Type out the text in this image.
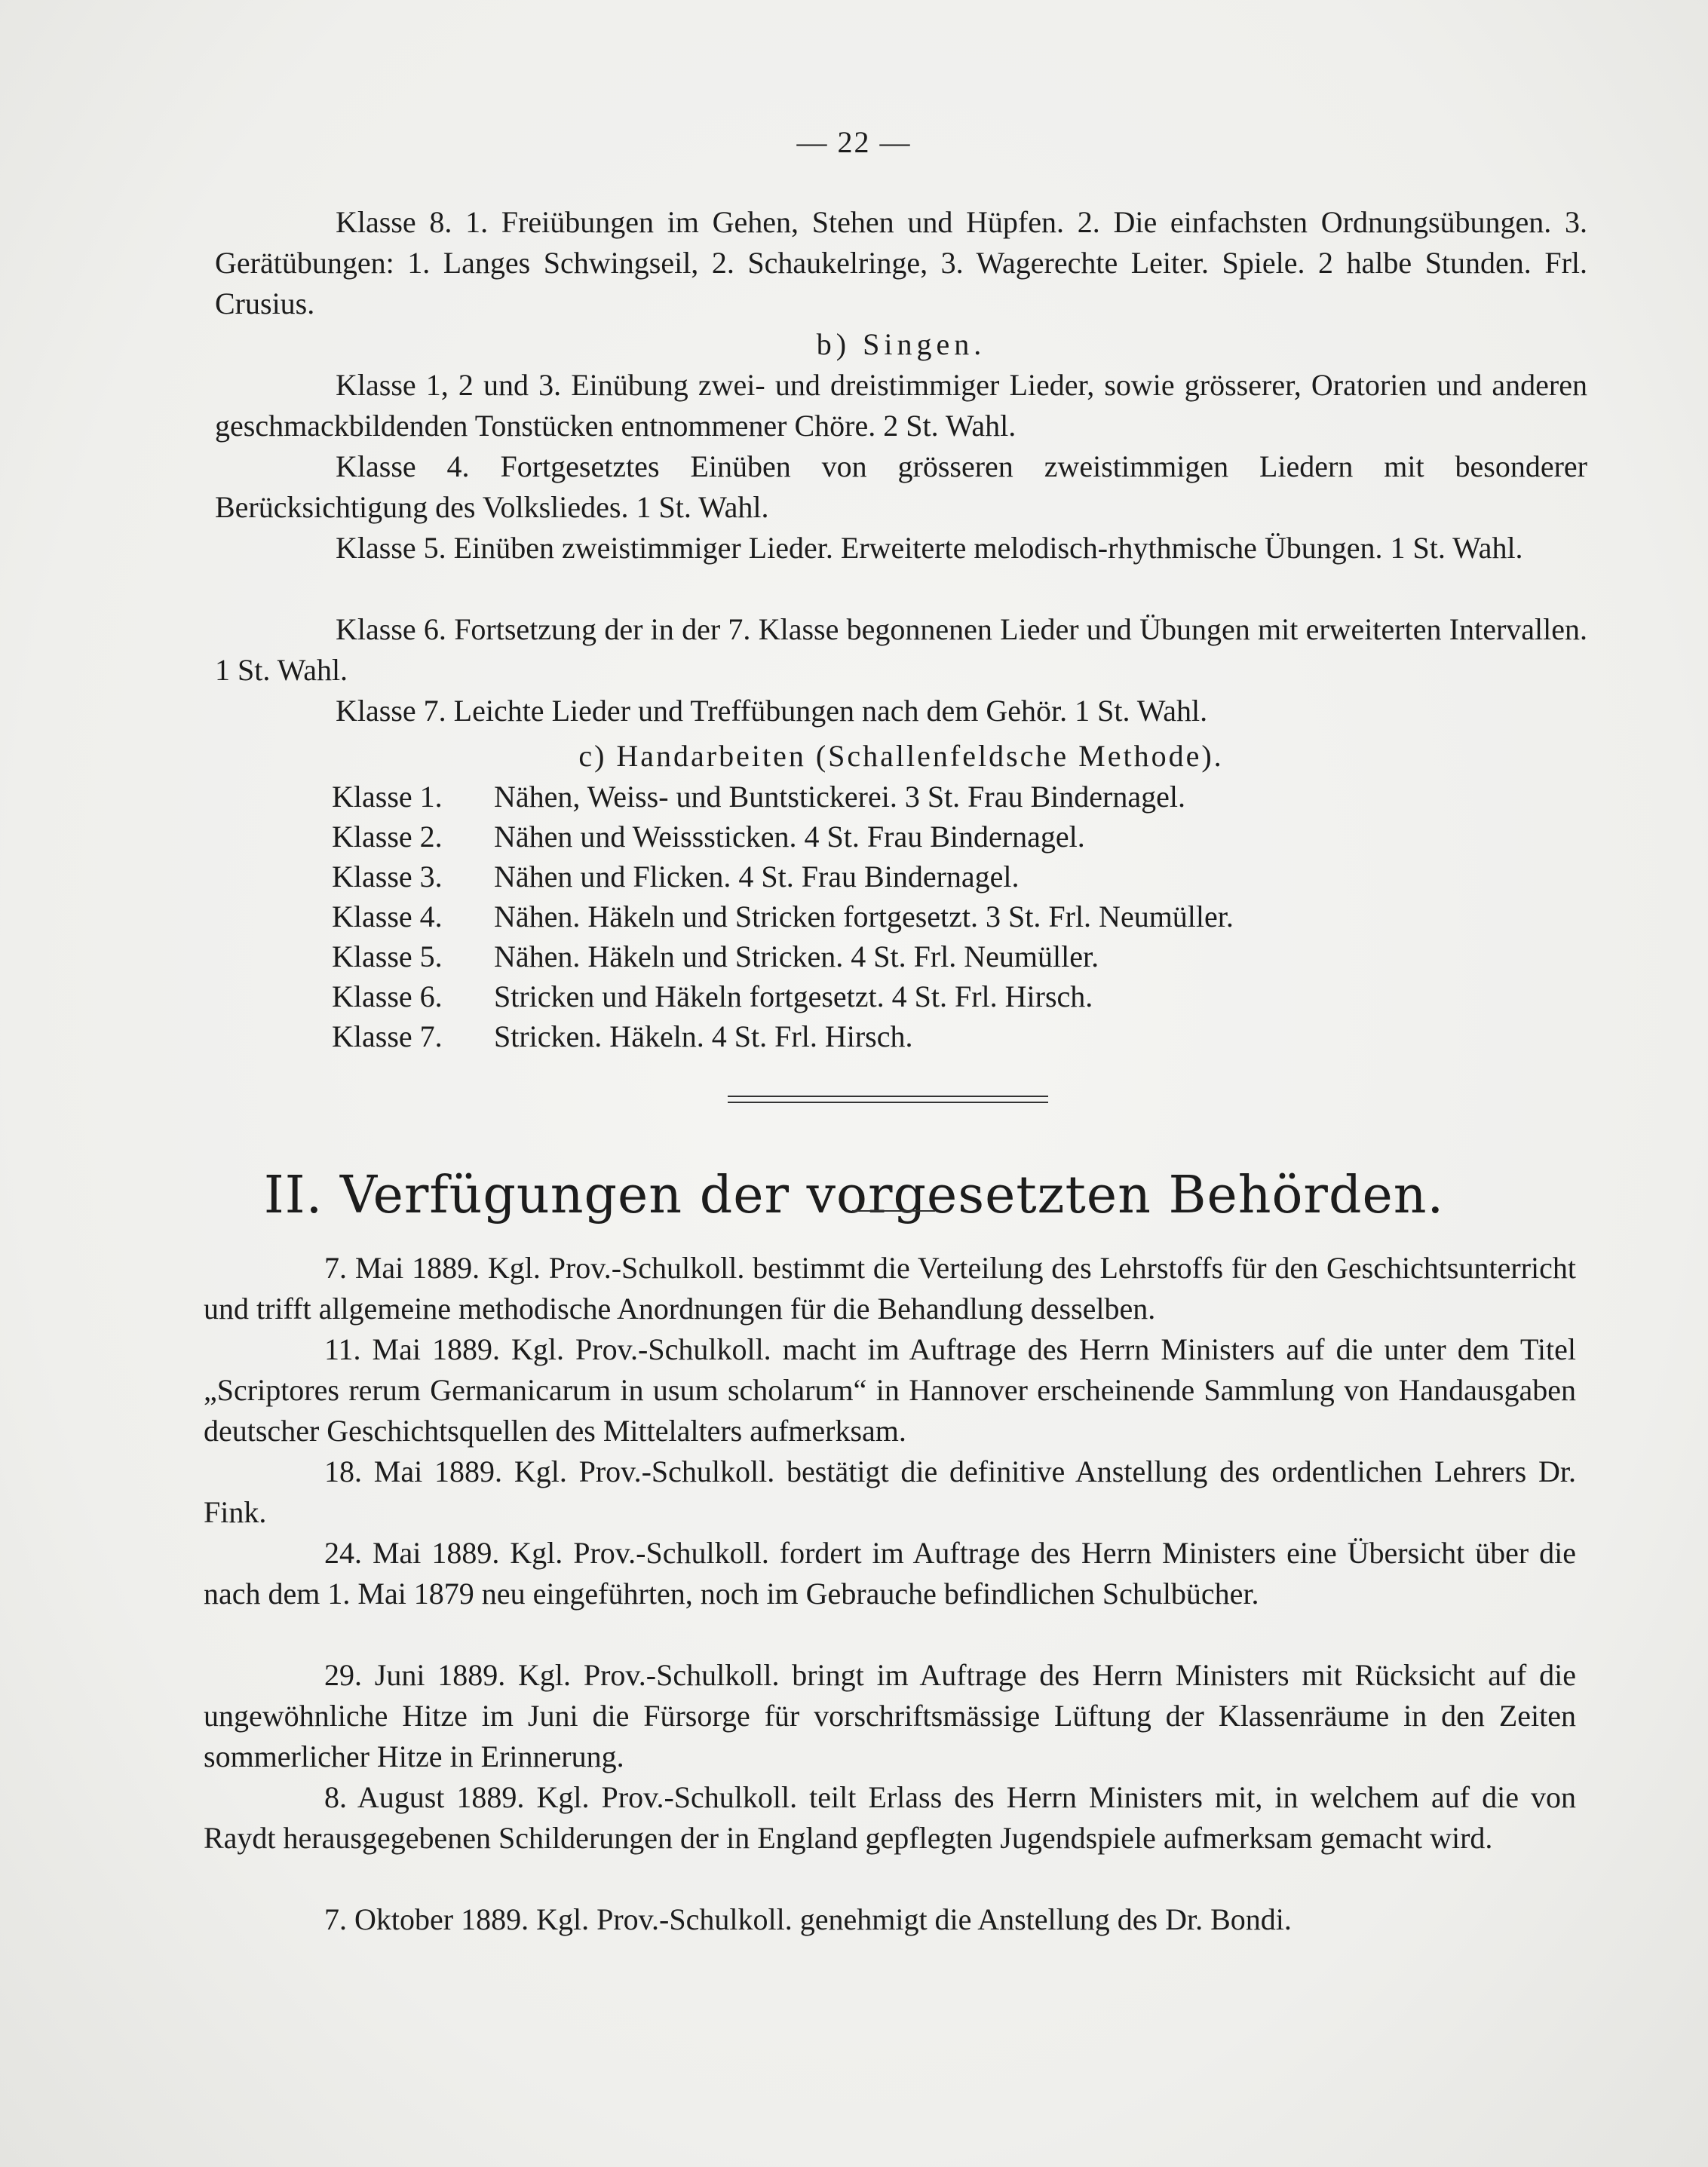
— 22 —

Klasse 8. 1. Freiübungen im Gehen, Stehen und Hüpfen. 2. Die einfachsten Ordnungsübungen. 3. Gerätübungen: 1. Langes Schwingseil, 2. Schaukelringe, 3. Wagerechte Leiter. Spiele. 2 halbe Stunden. Frl. Crusius.

b) Singen.

Klasse 1, 2 und 3. Einübung zwei- und dreistimmiger Lieder, sowie grösserer, Oratorien und anderen geschmackbildenden Tonstücken entnommener Chöre. 2 St. Wahl.

Klasse 4. Fortgesetztes Einüben von grösseren zweistimmigen Liedern mit besonderer Berücksichtigung des Volksliedes. 1 St. Wahl.

Klasse 5. Einüben zweistimmiger Lieder. Erweiterte melodisch-rhythmische Übungen. 1 St. Wahl.

Klasse 6. Fortsetzung der in der 7. Klasse begonnenen Lieder und Übungen mit erweiterten Intervallen. 1 St. Wahl.

Klasse 7. Leichte Lieder und Treffübungen nach dem Gehör. 1 St. Wahl.

c) Handarbeiten (Schallenfeldsche Methode).

Klasse 1. Nähen, Weiss- und Buntstickerei. 3 St. Frau Bindernagel.
Klasse 2. Nähen und Weisssticken. 4 St. Frau Bindernagel.
Klasse 3. Nähen und Flicken. 4 St. Frau Bindernagel.
Klasse 4. Nähen. Häkeln und Stricken fortgesetzt. 3 St. Frl. Neumüller.
Klasse 5. Nähen. Häkeln und Stricken. 4 St. Frl. Neumüller.
Klasse 6. Stricken und Häkeln fortgesetzt. 4 St. Frl. Hirsch.
Klasse 7. Stricken. Häkeln. 4 St. Frl. Hirsch.
II. Verfügungen der vorgesetzten Behörden.

7. Mai 1889. Kgl. Prov.-Schulkoll. bestimmt die Verteilung des Lehrstoffs für den Geschichtsunterricht und trifft allgemeine methodische Anordnungen für die Behandlung desselben.

11. Mai 1889. Kgl. Prov.-Schulkoll. macht im Auftrage des Herrn Ministers auf die unter dem Titel „Scriptores rerum Germanicarum in usum scholarum“ in Hannover erscheinende Sammlung von Handausgaben deutscher Geschichtsquellen des Mittelalters aufmerksam.

18. Mai 1889. Kgl. Prov.-Schulkoll. bestätigt die definitive Anstellung des ordentlichen Lehrers Dr. Fink.

24. Mai 1889. Kgl. Prov.-Schulkoll. fordert im Auftrage des Herrn Ministers eine Übersicht über die nach dem 1. Mai 1879 neu eingeführten, noch im Gebrauche befindlichen Schulbücher.

29. Juni 1889. Kgl. Prov.-Schulkoll. bringt im Auftrage des Herrn Ministers mit Rücksicht auf die ungewöhnliche Hitze im Juni die Fürsorge für vorschriftsmässige Lüftung der Klassenräume in den Zeiten sommerlicher Hitze in Erinnerung.

8. August 1889. Kgl. Prov.-Schulkoll. teilt Erlass des Herrn Ministers mit, in welchem auf die von Raydt herausgegebenen Schilderungen der in England gepflegten Jugendspiele aufmerksam gemacht wird.

7. Oktober 1889. Kgl. Prov.-Schulkoll. genehmigt die Anstellung des Dr. Bondi.
